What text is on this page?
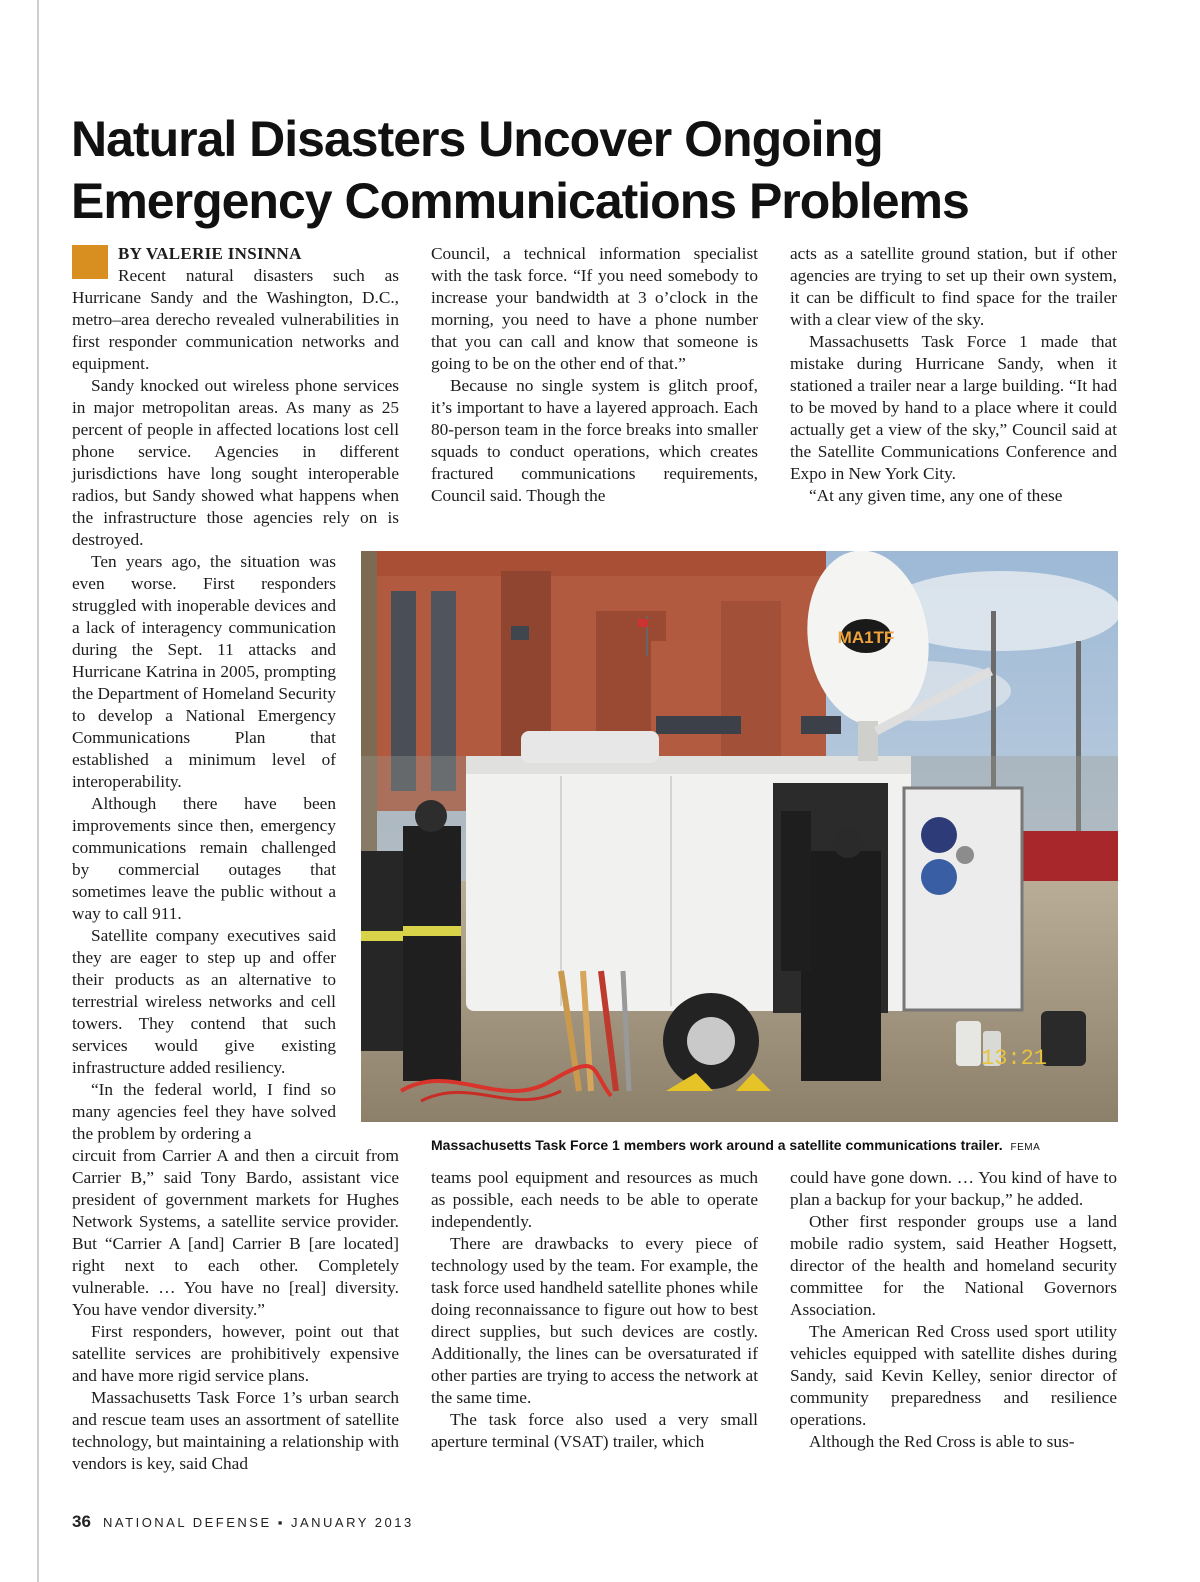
Natural Disasters Uncover Ongoing
Emergency Communications Problems
BY VALERIE INSINNA

Recent natural disasters such as Hurricane Sandy and the Washington, D.C., metro–area derecho revealed vulnerabilities in first responder communication networks and equipment.

Sandy knocked out wireless phone services in major metropolitan areas. As many as 25 percent of people in affected locations lost cell phone service. Agencies in different jurisdictions have long sought interoperable radios, but Sandy showed what happens when the infrastructure those agencies rely on is destroyed.

Ten years ago, the situation was even worse. First responders struggled with inoperable devices and a lack of interagency communication during the Sept. 11 attacks and Hurricane Katrina in 2005, prompting the Department of Homeland Security to develop a National Emergency Communications Plan that established a minimum level of interoperability.

Although there have been improvements since then, emergency communications remain challenged by commercial outages that sometimes leave the public without a way to call 911.

Satellite company executives said they are eager to step up and offer their products as an alternative to terrestrial wireless networks and cell towers. They contend that such services would give existing infrastructure added resiliency.

“In the federal world, I find so many agencies feel they have solved the problem by ordering a

circuit from Carrier A and then a circuit from Carrier B,” said Tony Bardo, assistant vice president of government markets for Hughes Network Systems, a satellite service provider. But “Carrier A [and] Carrier B [are located] right next to each other. Completely vulnerable. … You have no [real] diversity. You have vendor diversity.”

First responders, however, point out that satellite services are prohibitively expensive and have more rigid service plans.

Massachusetts Task Force 1’s urban search and rescue team uses an assortment of satellite technology, but maintaining a relationship with vendors is key, said Chad

Council, a technical information specialist with the task force. “If you need somebody to increase your bandwidth at 3 o’clock in the morning, you need to have a phone number that you can call and know that someone is going to be on the other end of that.”

Because no single system is glitch proof, it’s important to have a layered approach. Each 80-person team in the force breaks into smaller squads to conduct operations, which creates fractured communications requirements, Council said. Though the

acts as a satellite ground station, but if other agencies are trying to set up their own system, it can be difficult to find space for the trailer with a clear view of the sky.

Massachusetts Task Force 1 made that mistake during Hurricane Sandy, when it stationed a trailer near a large building. “It had to be moved by hand to a place where it could actually get a view of the sky,” Council said at the Satellite Communications Conference and Expo in New York City.

“At any given time, any one of these

MA1TF
13:21
Massachusetts Task Force 1 members work around a satellite communications trailer. FEMA

teams pool equipment and resources as much as possible, each needs to be able to operate independently.

There are drawbacks to every piece of technology used by the team. For example, the task force used handheld satellite phones while doing reconnaissance to figure out how to best direct supplies, but such devices are costly. Additionally, the lines can be oversaturated if other parties are trying to access the network at the same time.

The task force also used a very small aperture terminal (VSAT) trailer, which

could have gone down. … You kind of have to plan a backup for your backup,” he added.

Other first responder groups use a land mobile radio system, said Heather Hogsett, director of the health and homeland security committee for the National Governors Association.

The American Red Cross used sport utility vehicles equipped with satellite dishes during Sandy, said Kevin Kelley, senior director of community preparedness and resilience operations.

Although the Red Cross is able to sus-

36 NATIONAL DEFENSE ▪ JANUARY 2013
